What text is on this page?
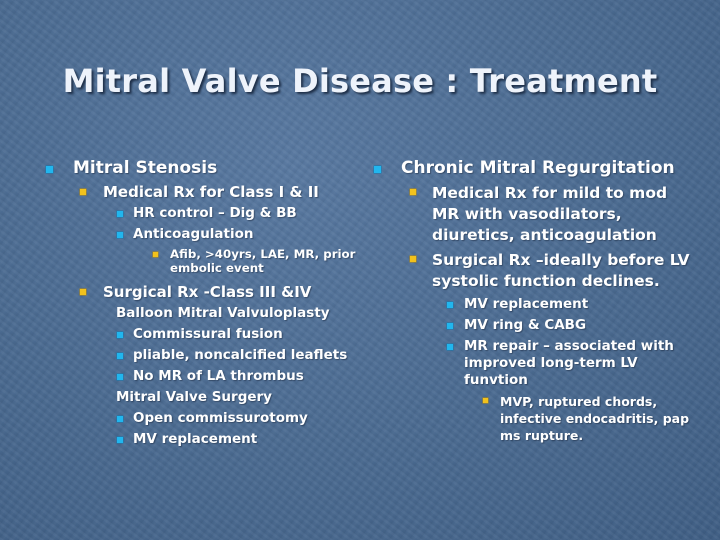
Mitral Valve Disease : Treatment
Mitral Stenosis
Medical Rx for Class I & II
HR control – Dig & BB
Anticoagulation
Afib, >40yrs, LAE, MR, prior embolic event
Surgical Rx -Class III &IV
Balloon Mitral Valvuloplasty
Commissural fusion
pliable, noncalcified leaflets
No MR of LA thrombus
Mitral Valve Surgery
Open commissurotomy
MV replacement
Chronic Mitral Regurgitation
Medical Rx for mild to mod MR with vasodilators, diuretics, anticoagulation
Surgical Rx –ideally before LV systolic function declines.
MV replacement
MV ring & CABG
MR repair – associated with improved long-term LV funvtion
MVP, ruptured chords, infective endocadritis, pap ms rupture.
